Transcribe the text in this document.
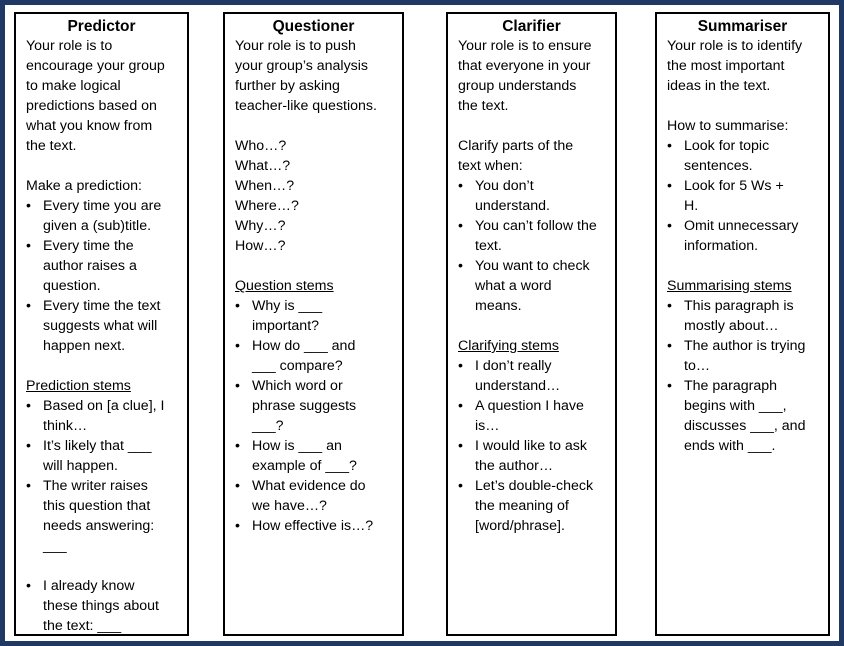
Predictor
Your role is to
encourage your group
to make logical
predictions based on
what you know from
the text.
Make a prediction:
• Every time you are
given a (sub)title.
• Every time the
author raises a
question.
• Every time the text
suggests what will
happen next.
Prediction stems
• Based on [a clue], I
think…
• It’s likely that ___
will happen.
• The writer raises
this question that
needs answering:
___
• I already know
these things about
the text: ___
Questioner
Your role is to push
your group’s analysis
further by asking
teacher-like questions.
Who…?
What…?
When…?
Where…?
Why…?
How…?
Question stems
• Why is ___
important?
• How do ___ and
___ compare?
• Which word or
phrase suggests
___?
• How is ___ an
example of ___?
• What evidence do
we have…?
• How effective is…?
Clarifier
Your role is to ensure
that everyone in your
group understands
the text.
Clarify parts of the
text when:
• You don’t
understand.
• You can’t follow the
text.
• You want to check
what a word
means.
Clarifying stems
• I don’t really
understand…
• A question I have
is…
• I would like to ask
the author…
• Let’s double-check
the meaning of
[word/phrase].
Summariser
Your role is to identify
the most important
ideas in the text.
How to summarise:
• Look for topic
sentences.
• Look for 5 Ws +
H.
• Omit unnecessary
information.
Summarising stems
• This paragraph is
mostly about…
• The author is trying
to…
• The paragraph
begins with ___,
discusses ___, and
ends with ___.
